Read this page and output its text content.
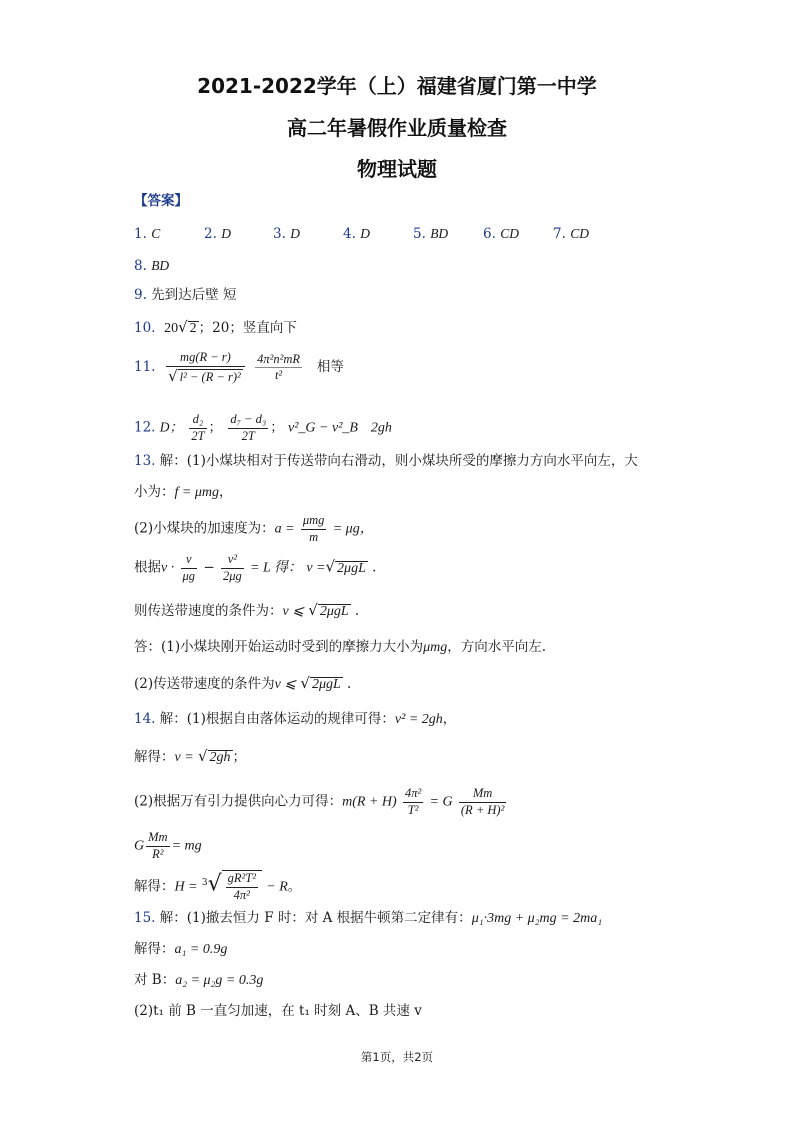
2021-2022学年（上）福建省厦门第一中学
高二年暑假作业质量检查
物理试题
【答案】
1. C	2. D	3. D	4. D	5. BD	6. CD	7. CD
8. BD
9. 先到达后壁 短
10. 20√ 2 ；20；竖直向下
11. $\frac{mg(R - r)}{\text{√ l² − (R − r)²}}$
$\frac{\text{4π²n²mR}}{\text{t²}}$ 相等
12. D； $\frac{\text{d₂}}{2T}$ ； $\frac{\text{d₇ − d₃}}{2T}$ ； v²_G − v²_B 2gh
13. 解：(1)小煤块相对于传送带向右滑动，则小煤块所受的摩擦力方向水平向左，大
小为：f = μmg，
(2)小煤块的加速度为：$a = \frac{\text{μmg}}{m} = \mu g$，
根据$v \cdot \frac{v}{\mu g} - \frac{\text{v²}}{2\mu g} = L$ 得： v =√ 2μgL .
则传送带速度的条件为：v ⩽ √ 2μgL .
答：(1)小煤块刚开始运动时受到的摩擦力大小为μmg，方向水平向左.
(2)传送带速度的条件为v ⩽ √ 2μgL .
14. 解：(1)根据自由落体运动的规律可得：v² = 2gh，
解得：v = √ 2gh ；
(2)根据万有引力提供向心力可得：$m(R + H) \frac{\text{4π²}}{\text{T²}} = G \frac{Mm}{\text{(R + H)²}}$
G $\frac{Mm}{\text{R²}}$ = mg
解得：$H = ^3√ \frac{\text{gR²T²}}{\text{4π²}} - R$。
15. 解：(1)撤去恒力 F 时：对 A 根据牛顿第二定律有：μ₁·3mg + μ₂mg = 2ma₁
解得：a₁ = 0.9g
对 B：a₂ = μ₂g = 0.3g
(2)t₁ 前 B 一直匀加速，在 t₁ 时刻 A、B 共速 v
第1页，共2页
